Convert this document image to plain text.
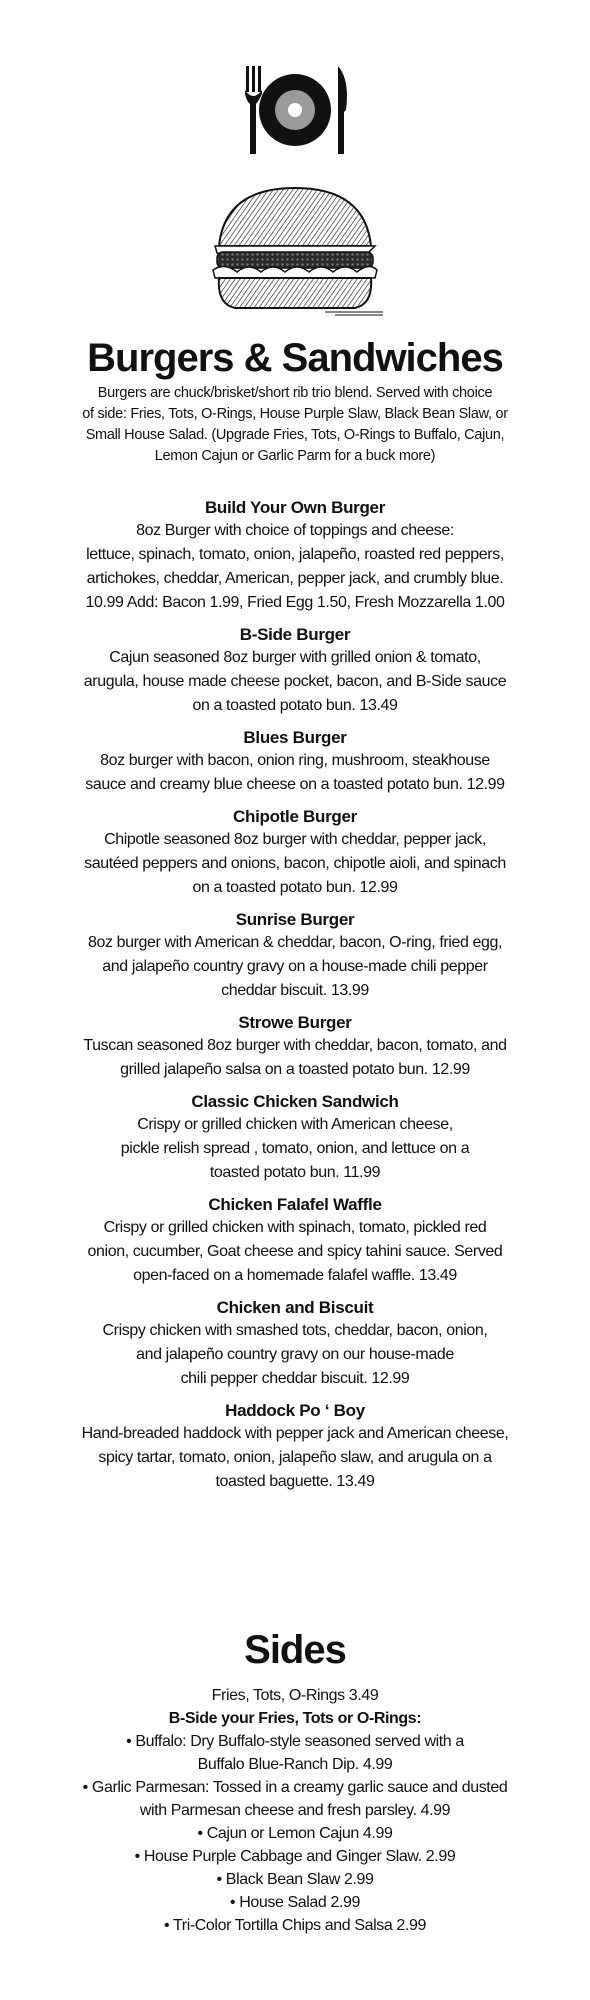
Burgers & Sandwiches
Burgers are chuck/brisket/short rib trio blend. Served with choice
of side: Fries, Tots, O-Rings, House Purple Slaw, Black Bean Slaw, or
Small House Salad. (Upgrade Fries, Tots, O-Rings to Buffalo, Cajun,
Lemon Cajun or Garlic Parm for a buck more)
Build Your Own Burger
8oz Burger with choice of toppings and cheese:
lettuce, spinach, tomato, onion, jalapeño, roasted red peppers,
artichokes, cheddar, American, pepper jack, and crumbly blue.
10.99 Add: Bacon 1.99, Fried Egg 1.50, Fresh Mozzarella 1.00
B-Side Burger
Cajun seasoned 8oz burger with grilled onion & tomato,
arugula, house made cheese pocket, bacon, and B-Side sauce
on a toasted potato bun. 13.49
Blues Burger
8oz burger with bacon, onion ring, mushroom, steakhouse
sauce and creamy blue cheese on a toasted potato bun. 12.99
Chipotle Burger
Chipotle seasoned 8oz burger with cheddar, pepper jack,
sautéed peppers and onions, bacon, chipotle aioli, and spinach
on a toasted potato bun. 12.99
Sunrise Burger
8oz burger with American & cheddar, bacon, O-ring, fried egg,
and jalapeño country gravy on a house-made chili pepper
cheddar biscuit. 13.99
Strowe Burger
Tuscan seasoned 8oz burger with cheddar, bacon, tomato, and
grilled jalapeño salsa on a toasted potato bun. 12.99
Classic Chicken Sandwich
Crispy or grilled chicken with American cheese,
pickle relish spread , tomato, onion, and lettuce on a
toasted potato bun. 11.99
Chicken Falafel Waffle
Crispy or grilled chicken with spinach, tomato, pickled red
onion, cucumber, Goat cheese and spicy tahini sauce. Served
open-faced on a homemade falafel waffle. 13.49
Chicken and Biscuit
Crispy chicken with smashed tots, cheddar, bacon, onion,
and jalapeño country gravy on our house-made
chili pepper cheddar biscuit. 12.99
Haddock Po ‘ Boy
Hand-breaded haddock with pepper jack and American cheese,
spicy tartar, tomato, onion, jalapeño slaw, and arugula on a
toasted baguette. 13.49
Sides
Fries, Tots, O-Rings 3.49
B-Side your Fries, Tots or O-Rings:
• Buffalo: Dry Buffalo-style seasoned served with a
Buffalo Blue-Ranch Dip. 4.99
• Garlic Parmesan: Tossed in a creamy garlic sauce and dusted
with Parmesan cheese and fresh parsley. 4.99
• Cajun or Lemon Cajun 4.99
• House Purple Cabbage and Ginger Slaw. 2.99
• Black Bean Slaw 2.99
• House Salad 2.99
• Tri-Color Tortilla Chips and Salsa 2.99
